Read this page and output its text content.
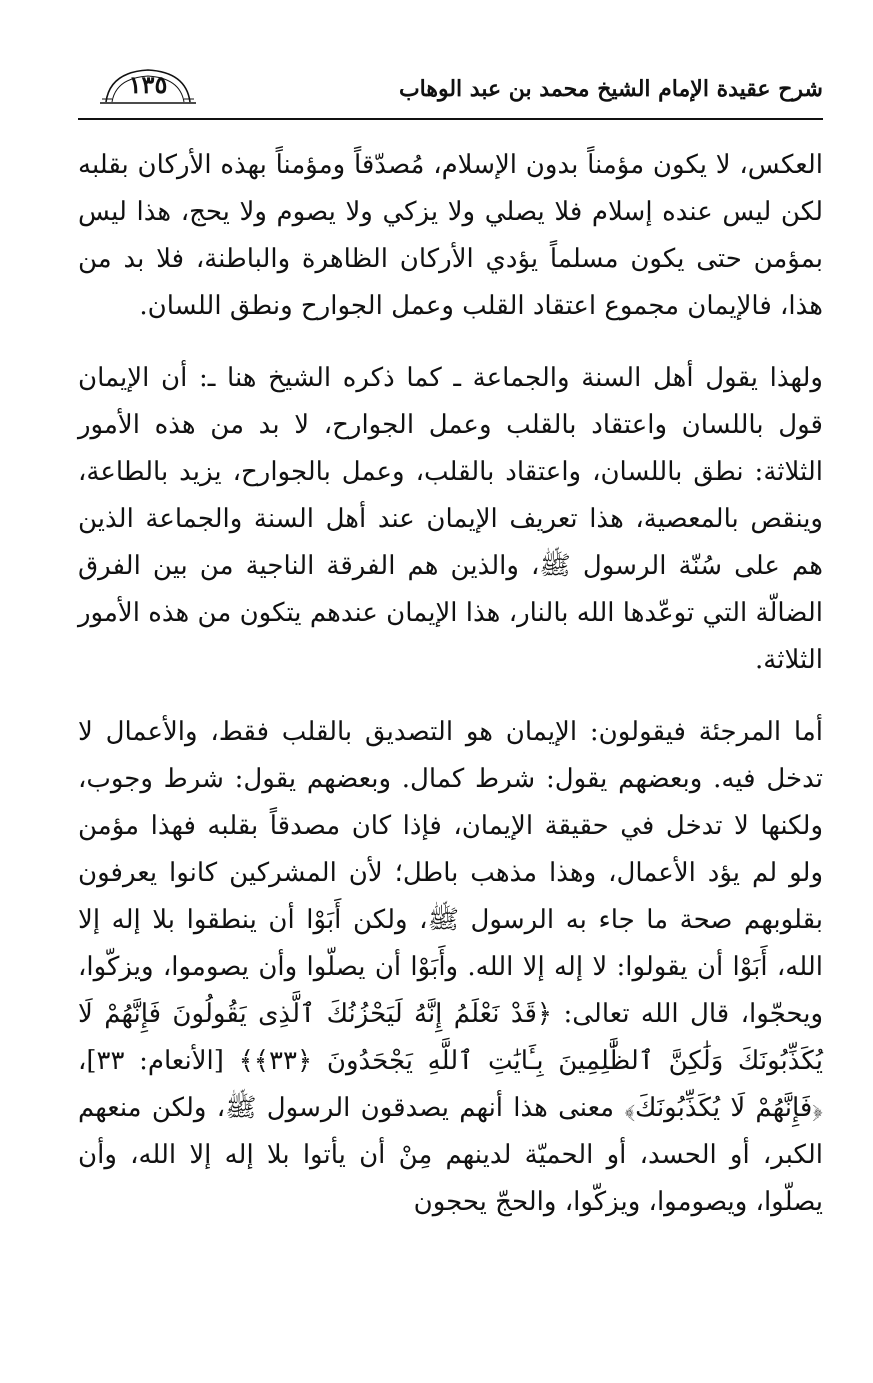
١٣٥	شرح عقيدة الإمام الشيخ محمد بن عبد الوهاب

العكس، لا يكون مؤمناً بدون الإسلام، مُصدّقاً ومؤمناً بهذه الأركان بقلبه لكن ليس عنده إسلام فلا يصلي ولا يزكي ولا يصوم ولا يحج، هذا ليس بمؤمن حتى يكون مسلماً يؤدي الأركان الظاهرة والباطنة، فلا بد من هذا، فالإيمان مجموع اعتقاد القلب وعمل الجوارح ونطق اللسان.

ولهذا يقول أهل السنة والجماعة ـ كما ذكره الشيخ هنا ـ: أن الإيمان قول باللسان واعتقاد بالقلب وعمل الجوارح، لا بد من هذه الأمور الثلاثة: نطق باللسان، واعتقاد بالقلب، وعمل بالجوارح، يزيد بالطاعة، وينقص بالمعصية، هذا تعريف الإيمان عند أهل السنة والجماعة الذين هم على سُنّة الرسول ﷺ، والذين هم الفرقة الناجية من بين الفرق الضالّة التي توعّدها الله بالنار، هذا الإيمان عندهم يتكون من هذه الأمور الثلاثة.

أما المرجئة فيقولون: الإيمان هو التصديق بالقلب فقط، والأعمال لا تدخل فيه. وبعضهم يقول: شرط كمال. وبعضهم يقول: شرط وجوب، ولكنها لا تدخل في حقيقة الإيمان، فإذا كان مصدقاً بقلبه فهذا مؤمن ولو لم يؤد الأعمال، وهذا مذهب باطل؛ لأن المشركين كانوا يعرفون بقلوبهم صحة ما جاء به الرسول ﷺ، ولكن أَبَوْا أن ينطقوا بلا إله إلا الله، أَبَوْا أن يقولوا: لا إله إلا الله. وأَبَوْا أن يصلّوا وأن يصوموا، ويزكّوا، ويحجّوا، قال الله تعالى: ﴿قَدْ نَعْلَمُ إِنَّهُ لَيَحْزُنُكَ ٱلَّذِى يَقُولُونَ فَإِنَّهُمْ لَا يُكَذِّبُونَكَ وَلَٰكِنَّ ٱلظَّٰلِمِينَ بِـَٔايَٰتِ ٱللَّهِ يَجْحَدُونَ ﴿٣٣﴾﴾ [الأنعام: ٣٣]، ﴿فَإِنَّهُمْ لَا يُكَذِّبُونَكَ﴾ معنى هذا أنهم يصدقون الرسول ﷺ، ولكن منعهم الكبر، أو الحسد، أو الحميّة لدينهم مِنْ أن يأتوا بلا إله إلا الله، وأن يصلّوا، ويصوموا، ويزكّوا، والحجّ يحجون
